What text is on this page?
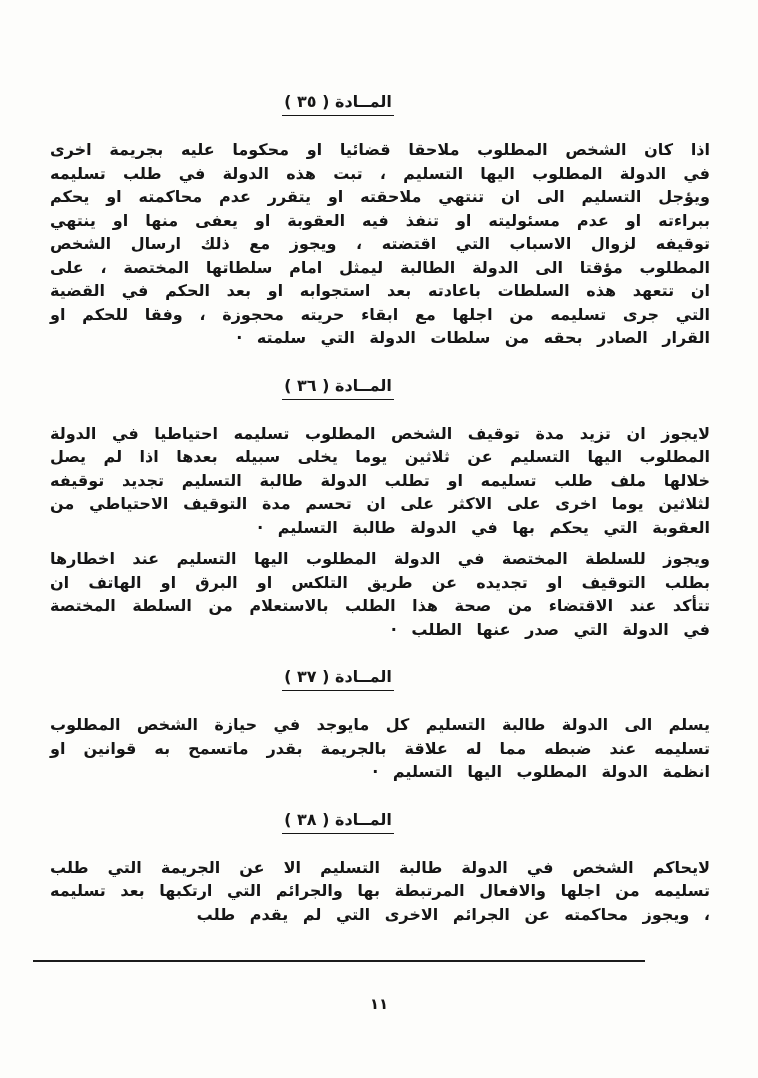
المــادة ( ٣٥ )

اذا كان الشخص المطلوب ملاحقا قضائيا او محكوما عليه بجريمة اخرى في الدولة المطلوب اليها التسليم ، تبت هذه الدولة في طلب تسليمه ويؤجل التسليم الى ان تنتهي ملاحقته او يتقرر عدم محاكمته او يحكم ببراءته او عدم مسئوليته او تنفذ فيه العقوبة او يعفى منها او ينتهي توقيفه لزوال الاسباب التي اقتضته ، ويجوز مع ذلك ارسال الشخص المطلوب مؤقتا الى الدولة الطالبة ليمثل امام سلطاتها المختصة ، على ان تتعهد هذه السلطات باعادته بعد استجوابه او بعد الحكم في القضية التي جرى تسليمه من اجلها مع ابقاء حريته محجوزة ، وفقا للحكم او القرار الصادر بحقه من سلطات الدولة التي سلمته ·

المــادة ( ٣٦ )

لايجوز ان تزيد مدة توقيف الشخص المطلوب تسليمه احتياطيا في الدولة المطلوب اليها التسليم عن ثلاثين يوما يخلى سبيله بعدها اذا لم يصل خلالها ملف طلب تسليمه او تطلب الدولة طالبة التسليم تجديد توقيفه لثلاثين يوما اخرى على الاكثر على ان تحسم مدة التوقيف الاحتياطي من العقوبة التي يحكم بها في الدولة طالبة التسليم ·

ويجوز للسلطة المختصة في الدولة المطلوب اليها التسليم عند اخطارها بطلب التوقيف او تجديده عن طريق التلكس او البرق او الهاتف ان تتأكد عند الاقتضاء من صحة هذا الطلب بالاستعلام من السلطة المختصة في الدولة التي صدر عنها الطلب ·

المــادة ( ٣٧ )

يسلم الى الدولة طالبة التسليم كل مايوجد في حيازة الشخص المطلوب تسليمه عند ضبطه مما له علاقة بالجريمة بقدر ماتسمح به قوانين او انظمة الدولة المطلوب اليها التسليم ·

المــادة ( ٣٨ )

لايحاكم الشخص في الدولة طالبة التسليم الا عن الجريمة التي طلب تسليمه من اجلها والافعال المرتبطة بها والجرائم التي ارتكبها بعد تسليمه ، ويجوز محاكمته عن الجرائم الاخرى التي لم يقدم طلب

١١
